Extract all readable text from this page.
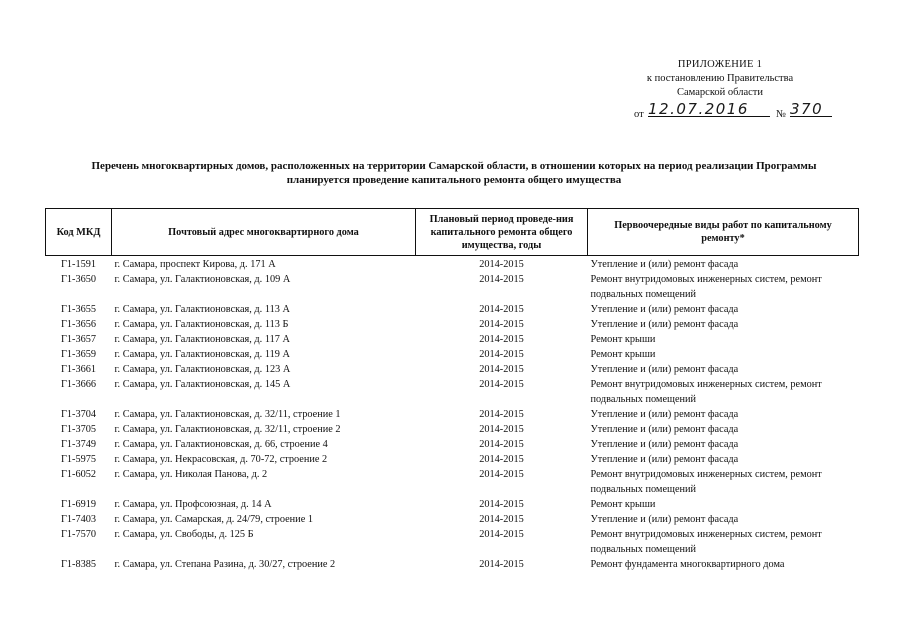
ПРИЛОЖЕНИЕ 1
к постановлению Правительства
Самарской области
от 12.07.2016	№ 370
Перечень многоквартирных домов, расположенных на территории Самарской области, в отношении которых на период реализации Программы
планируется проведение капитального ремонта общего имущества
Код МКД	Почтовый адрес многоквартирного дома	Плановый период проведе-ния капитального ремонта общего имущества, годы	Первоочередные виды работ по капитальному ремонту*
Г1-1591	г. Самара, проспект Кирова, д. 171 А	2014-2015	Утепление и (или) ремонт фасада
Г1-3650	г. Самара, ул. Галактионовская, д. 109 А	2014-2015	Ремонт внутридомовых инженерных систем, ремонт подвальных помещений
Г1-3655	г. Самара, ул. Галактионовская, д. 113 А	2014-2015	Утепление и (или) ремонт фасада
Г1-3656	г. Самара, ул. Галактионовская, д. 113 Б	2014-2015	Утепление и (или) ремонт фасада
Г1-3657	г. Самара, ул. Галактионовская, д. 117 А	2014-2015	Ремонт крыши
Г1-3659	г. Самара, ул. Галактионовская, д. 119 А	2014-2015	Ремонт крыши
Г1-3661	г. Самара, ул. Галактионовская, д. 123 А	2014-2015	Утепление и (или) ремонт фасада
Г1-3666	г. Самара, ул. Галактионовская, д. 145 А	2014-2015	Ремонт внутридомовых инженерных систем, ремонт подвальных помещений
Г1-3704	г. Самара, ул. Галактионовская, д. 32/11, строение 1	2014-2015	Утепление и (или) ремонт фасада
Г1-3705	г. Самара, ул. Галактионовская, д. 32/11, строение 2	2014-2015	Утепление и (или) ремонт фасада
Г1-3749	г. Самара, ул. Галактионовская, д. 66, строение 4	2014-2015	Утепление и (или) ремонт фасада
Г1-5975	г. Самара, ул. Некрасовская, д. 70-72, строение 2	2014-2015	Утепление и (или) ремонт фасада
Г1-6052	г. Самара, ул. Николая Панова, д. 2	2014-2015	Ремонт внутридомовых инженерных систем, ремонт подвальных помещений
Г1-6919	г. Самара, ул. Профсоюзная, д. 14 А	2014-2015	Ремонт крыши
Г1-7403	г. Самара, ул. Самарская, д. 24/79, строение 1	2014-2015	Утепление и (или) ремонт фасада
Г1-7570	г. Самара, ул. Свободы, д. 125 Б	2014-2015	Ремонт внутридомовых инженерных систем, ремонт подвальных помещений
Г1-8385	г. Самара, ул. Степана Разина, д. 30/27, строение 2	2014-2015	Ремонт фундамента многоквартирного дома
